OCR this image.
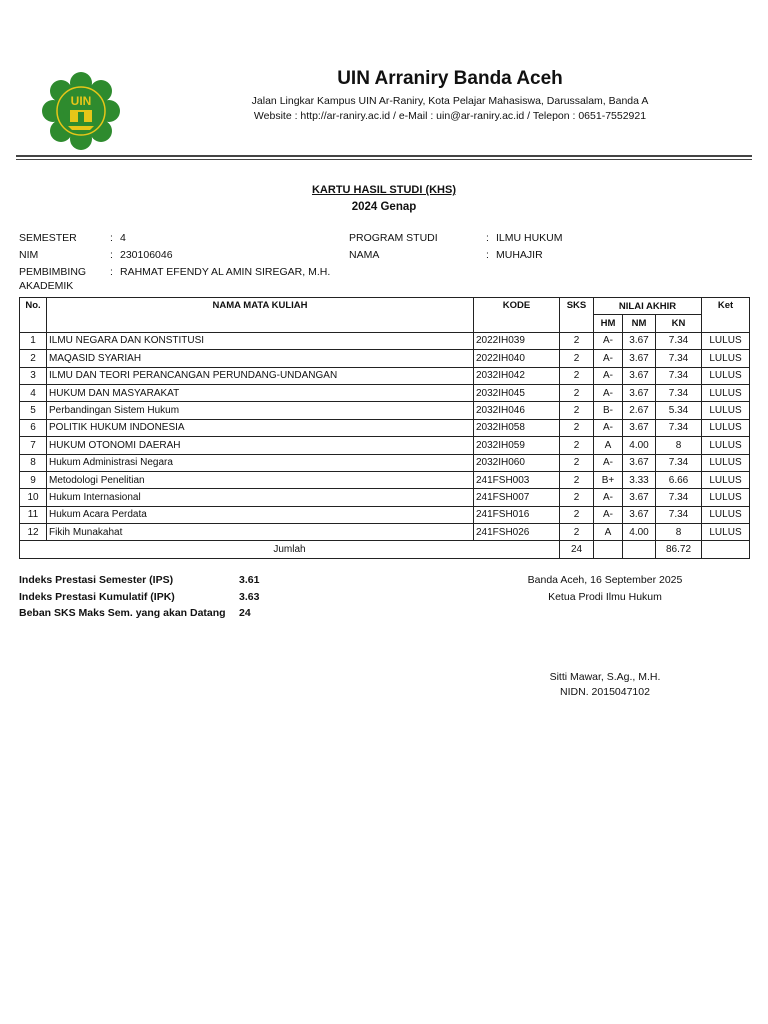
UIN
UIN Arraniry Banda Aceh
Jalan Lingkar Kampus UIN Ar-Raniry, Kota Pelajar Mahasiswa, Darussalam, Banda A
Website : http://ar-raniry.ac.id / e-Mail : uin@ar-raniry.ac.id / Telepon : 0651-7552921
KARTU HASIL STUDI (KHS)
2024 Genap
SEMESTER	: 4
NIM	: 230106046
PEMBIMBING
AKADEMIK
: RAHMAT EFENDY AL AMIN SIREGAR, M.H.
PROGRAM STUDI	: ILMU HUKUM
NAMA	: MUHAJIR
No.	NAMA MATA KULIAH	KODE	SKS	NILAI AKHIR			Ket
				HM	NM	KN	
1	ILMU NEGARA DAN KONSTITUSI	2022IH039	2	A-	3.67	7.34	LULUS
2	MAQASID SYARIAH	2022IH040	2	A-	3.67	7.34	LULUS
3	ILMU DAN TEORI PERANCANGAN PERUNDANG-UNDANGAN	2032IH042	2	A-	3.67	7.34	LULUS
4	HUKUM DAN MASYARAKAT	2032IH045	2	A-	3.67	7.34	LULUS
5	Perbandingan Sistem Hukum	2032IH046	2	B-	2.67	5.34	LULUS
6	POLITIK HUKUM INDONESIA	2032IH058	2	A-	3.67	7.34	LULUS
7	HUKUM OTONOMI DAERAH	2032IH059	2	A	4.00	8	LULUS
8	Hukum Administrasi Negara	2032IH060	2	A-	3.67	7.34	LULUS
9	Metodologi Penelitian	241FSH003	2	B+	3.33	6.66	LULUS
10	Hukum Internasional	241FSH007	2	A-	3.67	7.34	LULUS
11	Hukum Acara Perdata	241FSH016	2	A-	3.67	7.34	LULUS
12	Fikih Munakahat	241FSH026	2	A	4.00	8	LULUS
Jumlah			24			86.72	
Indeks Prestasi Semester (IPS)	3.61
Indeks Prestasi Kumulatif (IPK)	3.63
Beban SKS Maks Sem. yang akan Datang 24
Banda Aceh, 16 September 2025
Ketua Prodi Ilmu Hukum
Sitti Mawar, S.Ag., M.H.
NIDN. 2015047102
